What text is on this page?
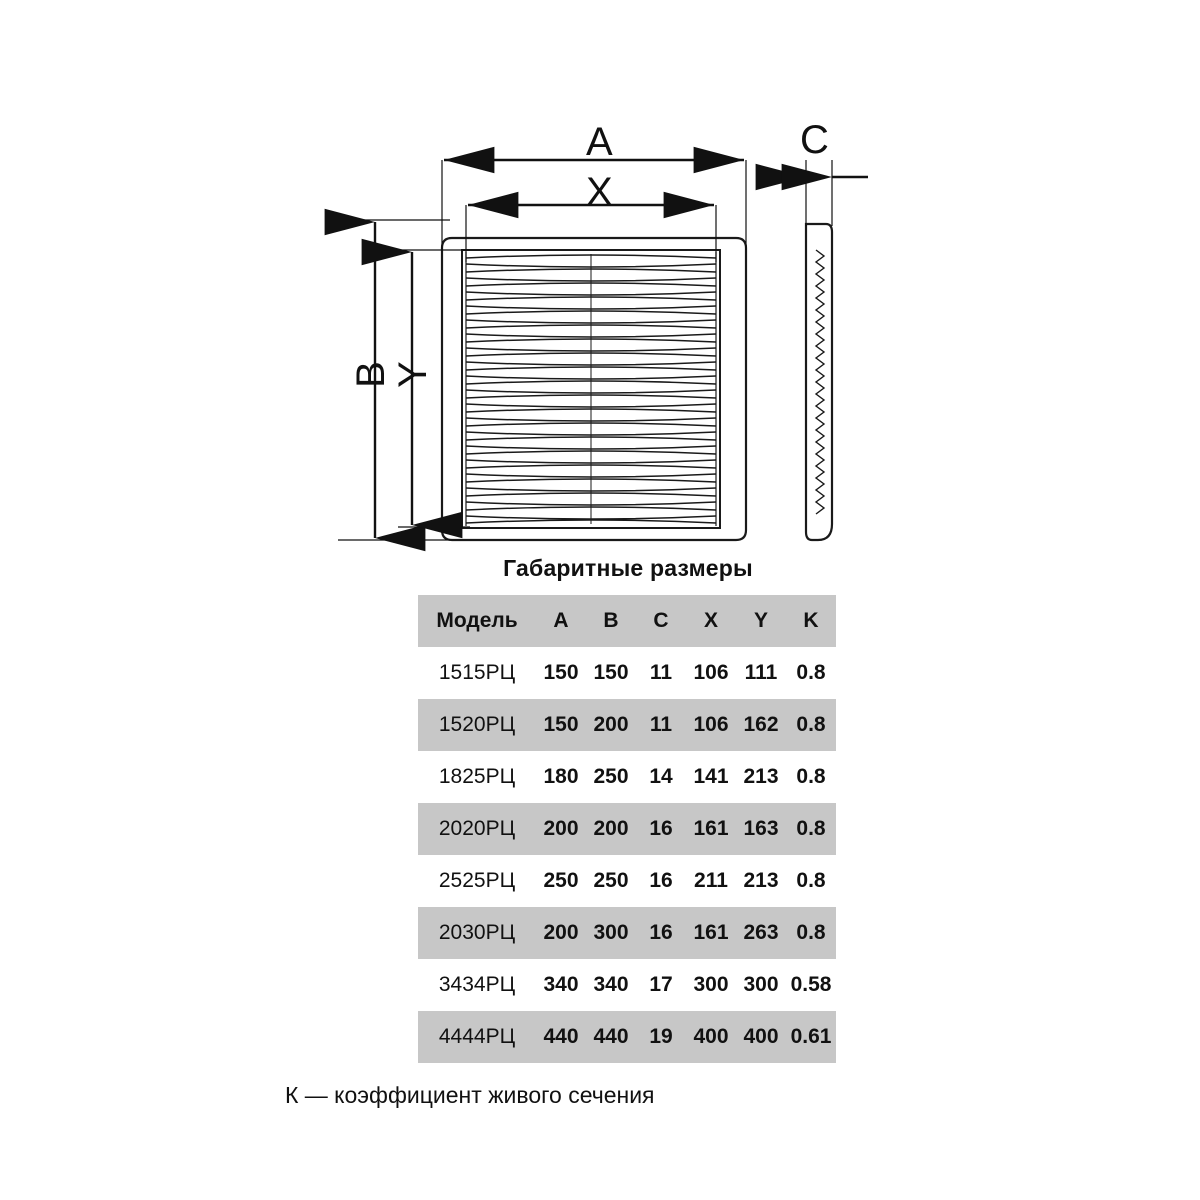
A
X
C
B
Y
Габаритные размеры
Модель	A	B	C	X	Y	K
1515РЦ	150	150	11	106	111	0.8
1520РЦ	150	200	11	106	162	0.8
1825РЦ	180	250	14	141	213	0.8
2020РЦ	200	200	16	161	163	0.8
2525РЦ	250	250	16	211	213	0.8
2030РЦ	200	300	16	161	263	0.8
3434РЦ	340	340	17	300	300	0.58
4444РЦ	440	440	19	400	400	0.61
К — коэффициент живого сечения
